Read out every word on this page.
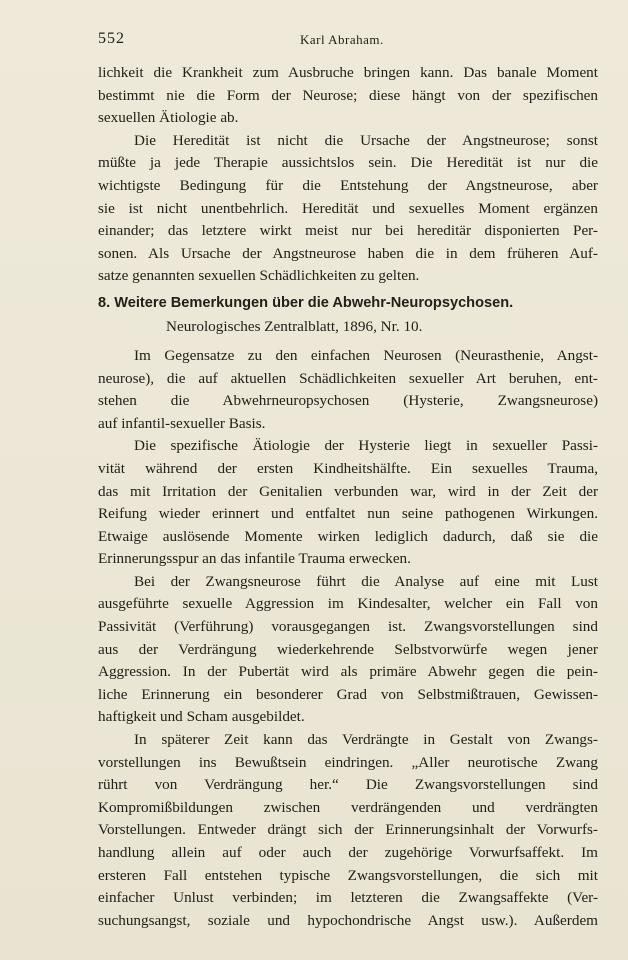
552	Karl Abraham.
lichkeit die Krankheit zum Ausbruche bringen kann. Das banale Moment
bestimmt nie die Form der Neurose; diese hängt von der spezifischen
sexuellen Ätiologie ab.
Die Heredität ist nicht die Ursache der Angstneurose; sonst
müßte ja jede Therapie aussichtslos sein. Die Heredität ist nur die
wichtigste Bedingung für die Entstehung der Angstneurose, aber
sie ist nicht unentbehrlich. Heredität und sexuelles Moment ergänzen
einander; das letztere wirkt meist nur bei hereditär disponierten Per-
sonen. Als Ursache der Angstneurose haben die in dem früheren Auf-
satze genannten sexuellen Schädlichkeiten zu gelten.
8. Weitere Bemerkungen über die Abwehr-Neuropsychosen.
Neurologisches Zentralblatt, 1896, Nr. 10.
Im Gegensatze zu den einfachen Neurosen (Neurasthenie, Angst-
neurose), die auf aktuellen Schädlichkeiten sexueller Art beruhen, ent-
stehen die Abwehrneuropsychosen (Hysterie, Zwangsneurose)
auf infantil-sexueller Basis.
Die spezifische Ätiologie der Hysterie liegt in sexueller Passi-
vität während der ersten Kindheitshälfte. Ein sexuelles Trauma,
das mit Irritation der Genitalien verbunden war, wird in der Zeit der
Reifung wieder erinnert und entfaltet nun seine pathogenen Wirkungen.
Etwaige auslösende Momente wirken lediglich dadurch, daß sie die
Erinnerungsspur an das infantile Trauma erwecken.
Bei der Zwangsneurose führt die Analyse auf eine mit Lust
ausgeführte sexuelle Aggression im Kindesalter, welcher ein Fall von
Passivität (Verführung) vorausgegangen ist. Zwangsvorstellungen sind
aus der Verdrängung wiederkehrende Selbstvorwürfe wegen jener
Aggression. In der Pubertät wird als primäre Abwehr gegen die pein-
liche Erinnerung ein besonderer Grad von Selbstmißtrauen, Gewissen-
haftigkeit und Scham ausgebildet.
In späterer Zeit kann das Verdrängte in Gestalt von Zwangs-
vorstellungen ins Bewußtsein eindringen. „Aller neurotische Zwang
rührt von Verdrängung her.“ Die Zwangsvorstellungen sind
Kompromißbildungen zwischen verdrängenden und verdrängten
Vorstellungen. Entweder drängt sich der Erinnerungsinhalt der Vorwurfs-
handlung allein auf oder auch der zugehörige Vorwurfsaffekt. Im
ersteren Fall entstehen typische Zwangsvorstellungen, die sich mit
einfacher Unlust verbinden; im letzteren die Zwangsaffekte (Ver-
suchungsangst, soziale und hypochondrische Angst usw.). Außerdem
